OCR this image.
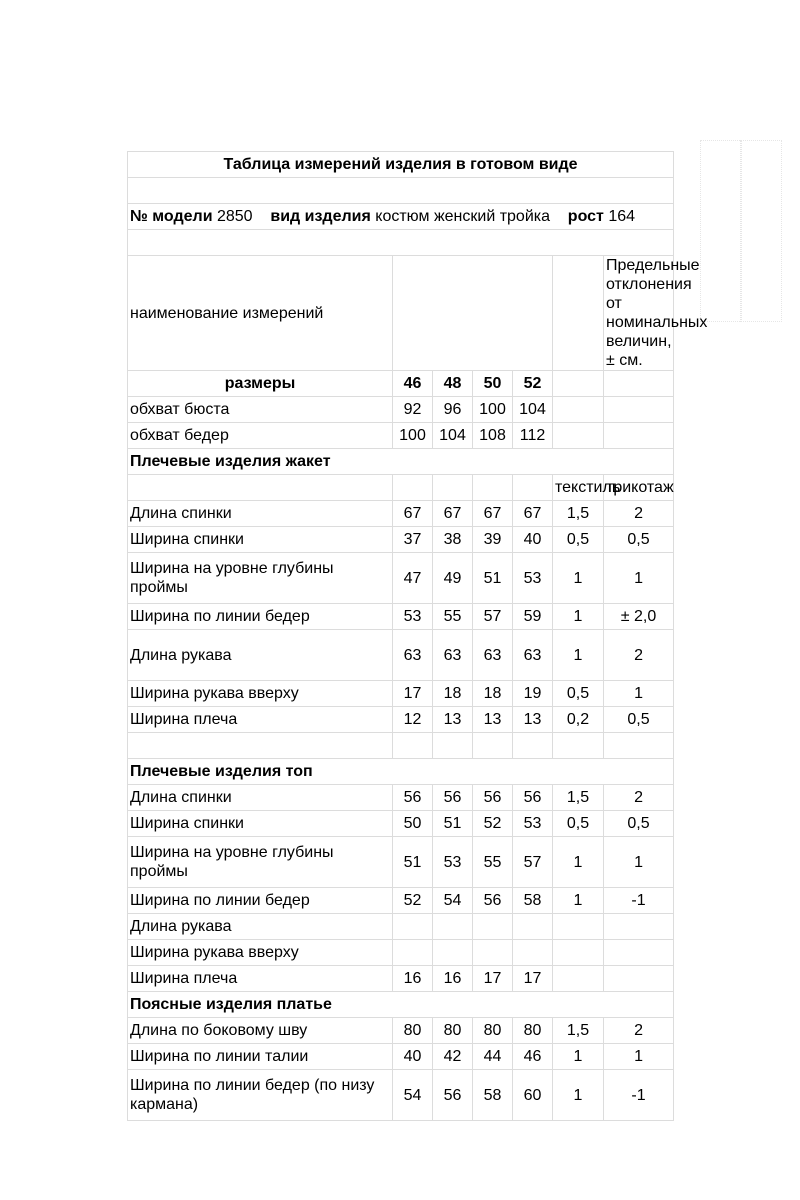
Таблица измерений изделия в готовом виде						

№ модели 2850 вид изделия костюм женский тройка рост 164						

наименование измерений						Предельные отклонения от номинальных величин, ± см.
размеры	46	48	50	52		
обхват бюста	92	96	100	104		
обхват бедер	100	104	108	112		
Плечевые изделия жакет						
					текстиль	трикотаж
Длина спинки	67	67	67	67	1,5	2
Ширина спинки	37	38	39	40	0,5	0,5
Ширина на уровне глубины проймы	47	49	51	53	1	1
Ширина по линии бедер	53	55	57	59	1	± 2,0
Длина рукава	63	63	63	63	1	2
Ширина рукава вверху	17	18	18	19	0,5	1
Ширина плеча	12	13	13	13	0,2	0,5

Плечевые изделия топ						
Длина спинки	56	56	56	56	1,5	2
Ширина спинки	50	51	52	53	0,5	0,5
Ширина на уровне глубины проймы	51	53	55	57	1	1
Ширина по линии бедер	52	54	56	58	1	-1
Длина рукава						
Ширина рукава вверху						
Ширина плеча	16	16	17	17		
Поясные изделия платье						
Длина по боковому шву	80	80	80	80	1,5	2
Ширина по линии талии	40	42	44	46	1	1
Ширина по линии бедер (по низу кармана)	54	56	58	60	1	-1
